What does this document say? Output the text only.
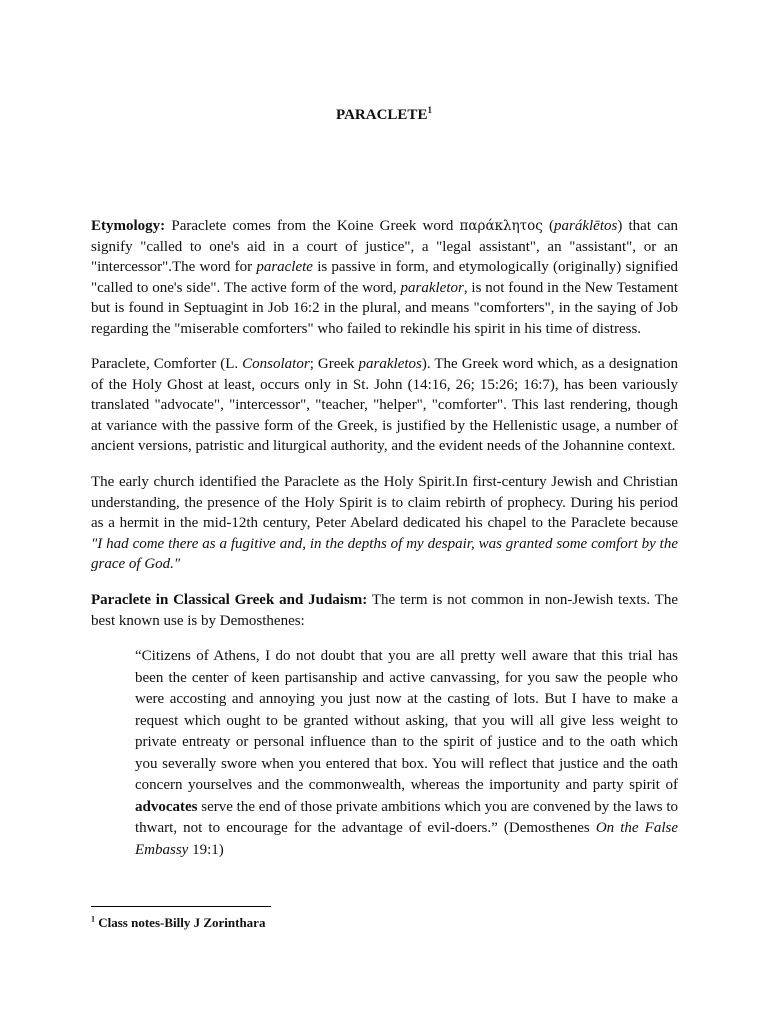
PARACLETE$^1$

Etymology: Paraclete comes from the Koine Greek word παράκλητος (paráklētos) that can signify "called to one's aid in a court of justice", a "legal assistant", an "assistant", or an "intercessor".The word for paraclete is passive in form, and etymologically (originally) signified "called to one's side". The active form of the word, parakletor, is not found in the New Testament but is found in Septuagint in Job 16:2 in the plural, and means "comforters", in the saying of Job regarding the "miserable comforters" who failed to rekindle his spirit in his time of distress.

Paraclete, Comforter (L. Consolator; Greek parakletos). The Greek word which, as a designation of the Holy Ghost at least, occurs only in St. John (14:16, 26; 15:26; 16:7), has been variously translated "advocate", "intercessor", "teacher, "helper", "comforter". This last rendering, though at variance with the passive form of the Greek, is justified by the Hellenistic usage, a number of ancient versions, patristic and liturgical authority, and the evident needs of the Johannine context.

The early church identified the Paraclete as the Holy Spirit.In first-century Jewish and Christian understanding, the presence of the Holy Spirit is to claim rebirth of prophecy. During his period as a hermit in the mid-12th century, Peter Abelard dedicated his chapel to the Paraclete because "I had come there as a fugitive and, in the depths of my despair, was granted some comfort by the grace of God."

Paraclete in Classical Greek and Judaism: The term is not common in non-Jewish texts. The best known use is by Demosthenes:

“Citizens of Athens, I do not doubt that you are all pretty well aware that this trial has been the center of keen partisanship and active canvassing, for you saw the people who were accosting and annoying you just now at the casting of lots. But I have to make a request which ought to be granted without asking, that you will all give less weight to private entreaty or personal influence than to the spirit of justice and to the oath which you severally swore when you entered that box. You will reflect that justice and the oath concern yourselves and the commonwealth, whereas the importunity and party spirit of advocates serve the end of those private ambitions which you are convened by the laws to thwart, not to encourage for the advantage of evil-doers.” (Demosthenes On the False Embassy 19:1)

$^1$ Class notes-Billy J Zorinthara
